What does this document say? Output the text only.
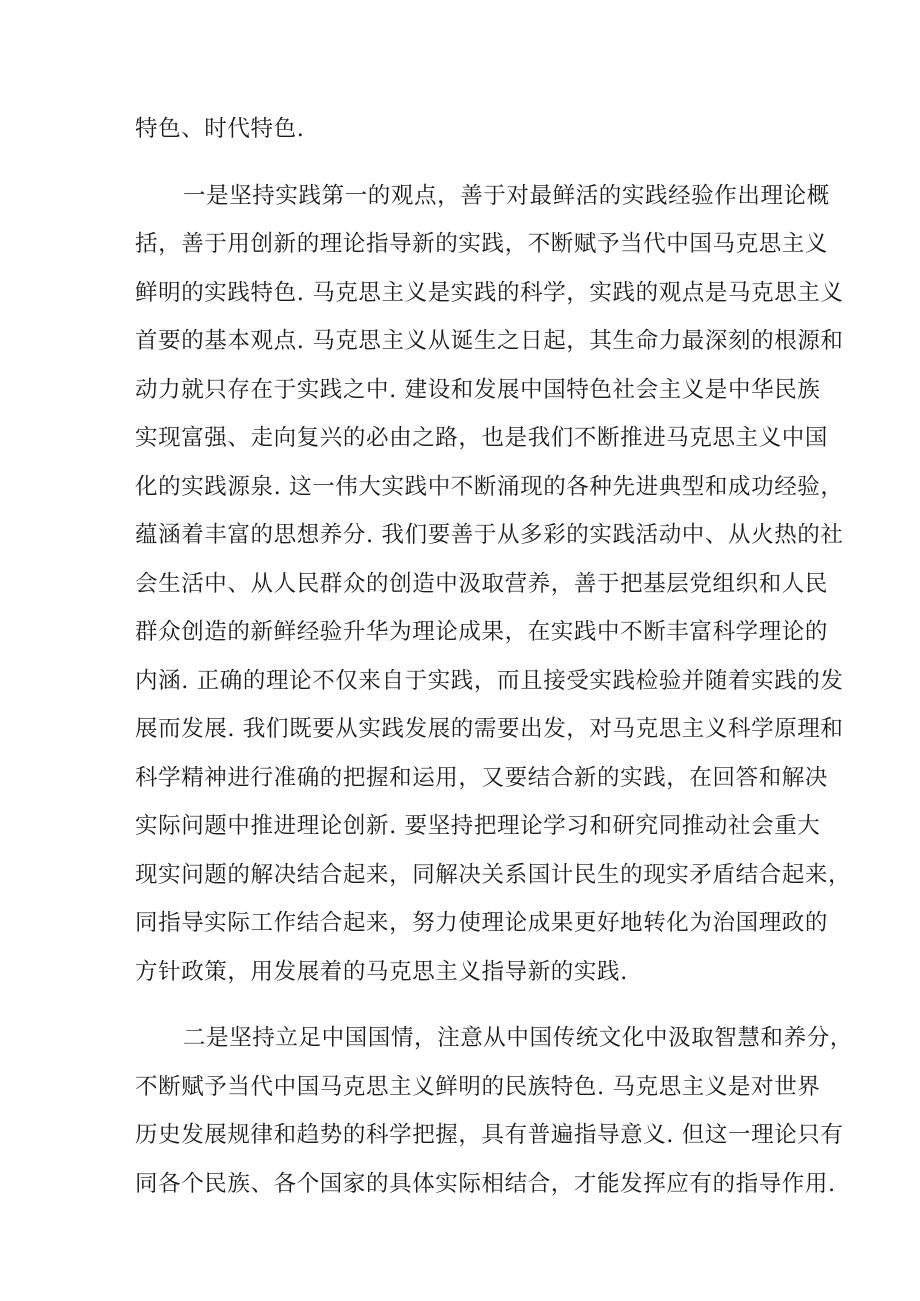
特色、时代特色.
一是坚持实践第一的观点，善于对最鲜活的实践经验作出理论概
括，善于用创新的理论指导新的实践，不断赋予当代中国马克思主义
鲜明的实践特色. 马克思主义是实践的科学，实践的观点是马克思主义
首要的基本观点. 马克思主义从诞生之日起，其生命力最深刻的根源和
动力就只存在于实践之中. 建设和发展中国特色社会主义是中华民族
实现富强、走向复兴的必由之路，也是我们不断推进马克思主义中国
化的实践源泉. 这一伟大实践中不断涌现的各种先进典型和成功经验，
蕴涵着丰富的思想养分. 我们要善于从多彩的实践活动中、从火热的社
会生活中、从人民群众的创造中汲取营养，善于把基层党组织和人民
群众创造的新鲜经验升华为理论成果，在实践中不断丰富科学理论的
内涵. 正确的理论不仅来自于实践，而且接受实践检验并随着实践的发
展而发展. 我们既要从实践发展的需要出发，对马克思主义科学原理和
科学精神进行准确的把握和运用，又要结合新的实践，在回答和解决
实际问题中推进理论创新. 要坚持把理论学习和研究同推动社会重大
现实问题的解决结合起来，同解决关系国计民生的现实矛盾结合起来，
同指导实际工作结合起来，努力使理论成果更好地转化为治国理政的
方针政策，用发展着的马克思主义指导新的实践.
二是坚持立足中国国情，注意从中国传统文化中汲取智慧和养分，
不断赋予当代中国马克思主义鲜明的民族特色. 马克思主义是对世界
历史发展规律和趋势的科学把握，具有普遍指导意义. 但这一理论只有
同各个民族、各个国家的具体实际相结合，才能发挥应有的指导作用.
